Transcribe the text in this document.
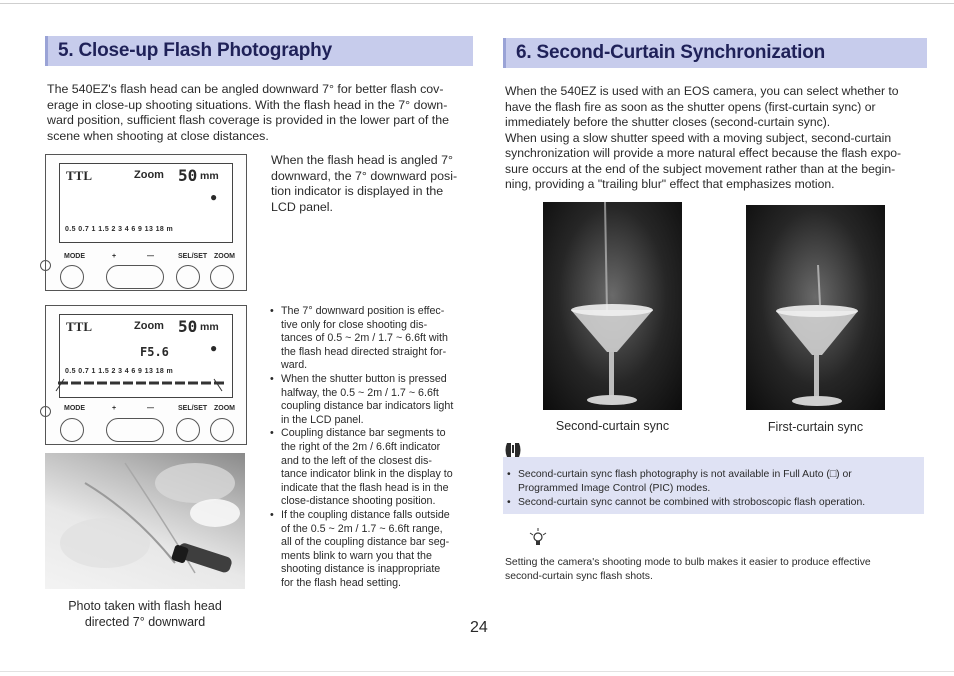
5. Close-up Flash Photography

The 540EZ's flash head can be angled downward 7° for better flash cov-
erage in close-up shooting situations. With the flash head in the 7° down-
ward position, sufficient flash coverage is provided in the lower part of the
scene when shooting at close distances.

TTL	Zoom 50 mm
●
0.5 0.7 1 1.5 2 3 4 6 9 13 18 m
MODE	+	—	SEL/SET ZOOM

When the flash head is angled 7°
downward, the 7° downward posi-
tion indicator is displayed in the
LCD panel.

TTL	Zoom 50 mm
F5.6	●
0.5 0.7 1 1.5 2 3 4 6 9 13 18 m
MODE	+	—	SEL/SET ZOOM
• The 7° downward position is effec-
tive only for close shooting dis-
tances of 0.5 ~ 2m / 1.7 ~ 6.6ft with
the flash head directed straight for-
ward.
• When the shutter button is pressed
halfway, the 0.5 ~ 2m / 1.7 ~ 6.6ft
coupling distance bar indicators light
in the LCD panel.
• Coupling distance bar segments to
the right of the 2m / 6.6ft indicator
and to the left of the closest dis-
tance indicator blink in the display to
indicate that the flash head is in the
close-distance shooting position.
• If the coupling distance falls outside
of the 0.5 ~ 2m / 1.7 ~ 6.6ft range,
all of the coupling distance bar seg-
ments blink to warn you that the
shooting distance is inappropriate
for the flash head setting.
Photo taken with flash head
directed 7° downward
6. Second-Curtain Synchronization

When the 540EZ is used with an EOS camera, you can select whether to
have the flash fire as soon as the shutter opens (first-curtain sync) or
immediately before the shutter closes (second-curtain sync).
When using a slow shutter speed with a moving subject, second-curtain
synchronization will provide a more natural effect because the flash expo-
sure occurs at the end of the subject movement rather than at the begin-
ning, providing a "trailing blur" effect that emphasizes motion.

Second-curtain sync	First-curtain sync
• Second-curtain sync flash photography is not available in Full Auto (□) or
Programmed Image Control (PIC) modes.
• Second-curtain sync cannot be combined with stroboscopic flash operation.

Setting the camera's shooting mode to bulb makes it easier to produce effective
second-curtain sync flash shots.

24
